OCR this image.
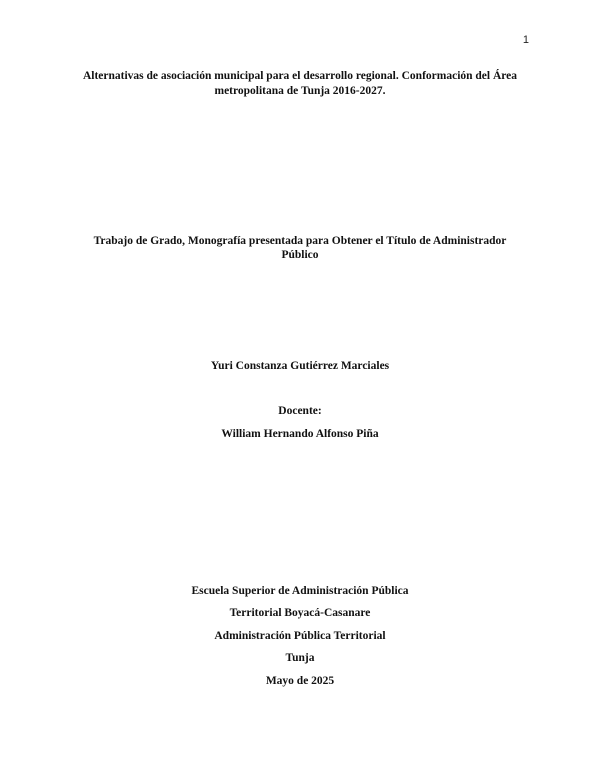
1
Alternativas de asociación municipal para el desarrollo regional. Conformación del Área
metropolitana de Tunja 2016-2027.
Trabajo de Grado, Monografía presentada para Obtener el Título de Administrador
Público
Yuri Constanza Gutiérrez Marciales
Docente:
William Hernando Alfonso Piña
Escuela Superior de Administración Pública
Territorial Boyacá-Casanare
Administración Pública Territorial
Tunja
Mayo de 2025
